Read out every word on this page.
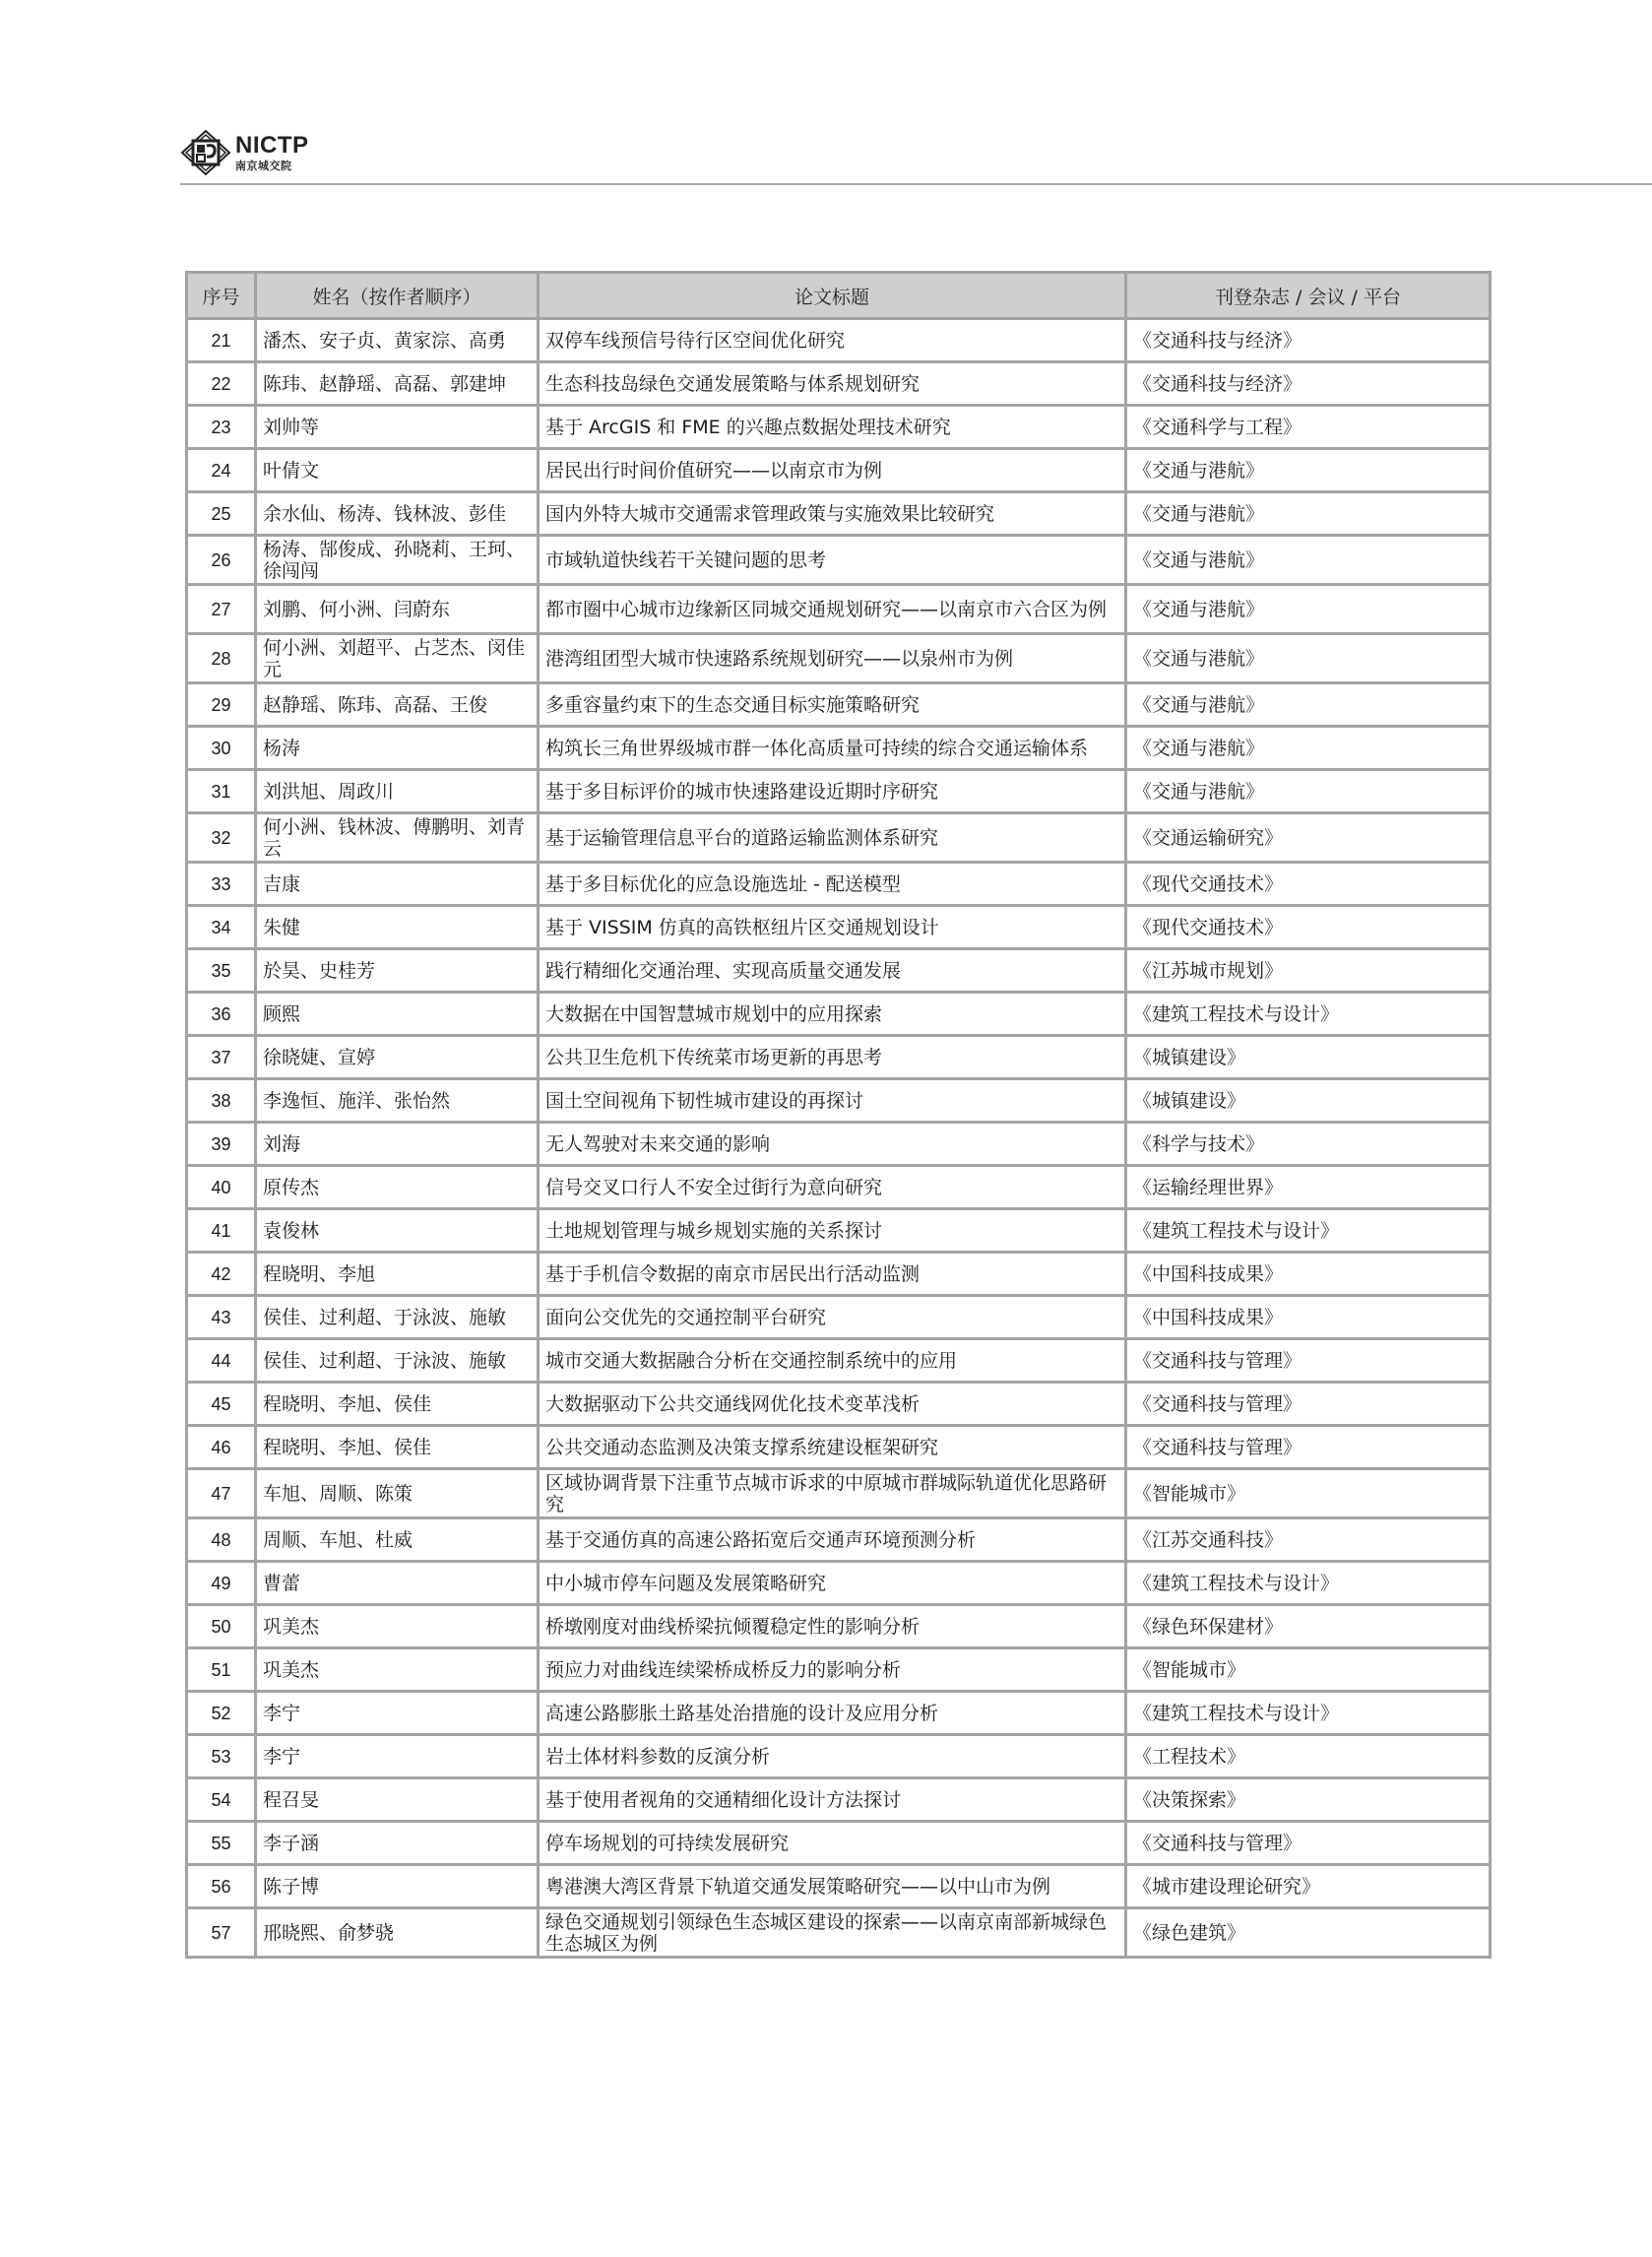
NICTP
南京城交院
序号	姓名（按作者顺序）	论文标题	刊登杂志 / 会议 / 平台
21	潘杰、安子贞、黄家淙、高勇	双停车线预信号待行区空间优化研究	《交通科技与经济》
22	陈玮、赵静瑶、高磊、郭建坤	生态科技岛绿色交通发展策略与体系规划研究	《交通科技与经济》
23	刘帅等	基于 ArcGIS 和 FME 的兴趣点数据处理技术研究	《交通科学与工程》
24	叶倩文	居民出行时间价值研究——以南京市为例	《交通与港航》
25	余水仙、杨涛、钱林波、彭佳	国内外特大城市交通需求管理政策与实施效果比较研究	《交通与港航》
26	杨涛、郜俊成、孙晓莉、王珂、徐闯闯	市域轨道快线若干关键问题的思考	《交通与港航》
27	刘鹏、何小洲、闫蔚东	都市圈中心城市边缘新区同城交通规划研究——以南京市六合区为例	《交通与港航》
28	何小洲、刘超平、占芝杰、闵佳元	港湾组团型大城市快速路系统规划研究——以泉州市为例	《交通与港航》
29	赵静瑶、陈玮、高磊、王俊	多重容量约束下的生态交通目标实施策略研究	《交通与港航》
30	杨涛	构筑长三角世界级城市群一体化高质量可持续的综合交通运输体系	《交通与港航》
31	刘洪旭、周政川	基于多目标评价的城市快速路建设近期时序研究	《交通与港航》
32	何小洲、钱林波、傅鹏明、刘青云	基于运输管理信息平台的道路运输监测体系研究	《交通运输研究》
33	吉康	基于多目标优化的应急设施选址 - 配送模型	《现代交通技术》
34	朱健	基于 VISSIM 仿真的高铁枢纽片区交通规划设计	《现代交通技术》
35	於昊、史桂芳	践行精细化交通治理、实现高质量交通发展	《江苏城市规划》
36	顾熙	大数据在中国智慧城市规划中的应用探索	《建筑工程技术与设计》
37	徐晓婕、宣婷	公共卫生危机下传统菜市场更新的再思考	《城镇建设》
38	李逸恒、施洋、张怡然	国土空间视角下韧性城市建设的再探讨	《城镇建设》
39	刘海	无人驾驶对未来交通的影响	《科学与技术》
40	原传杰	信号交叉口行人不安全过街行为意向研究	《运输经理世界》
41	袁俊林	土地规划管理与城乡规划实施的关系探讨	《建筑工程技术与设计》
42	程晓明、李旭	基于手机信令数据的南京市居民出行活动监测	《中国科技成果》
43	侯佳、过利超、于泳波、施敏	面向公交优先的交通控制平台研究	《中国科技成果》
44	侯佳、过利超、于泳波、施敏	城市交通大数据融合分析在交通控制系统中的应用	《交通科技与管理》
45	程晓明、李旭、侯佳	大数据驱动下公共交通线网优化技术变革浅析	《交通科技与管理》
46	程晓明、李旭、侯佳	公共交通动态监测及决策支撑系统建设框架研究	《交通科技与管理》
47	车旭、周顺、陈策	区域协调背景下注重节点城市诉求的中原城市群城际轨道优化思路研究	《智能城市》
48	周顺、车旭、杜威	基于交通仿真的高速公路拓宽后交通声环境预测分析	《江苏交通科技》
49	曹蕾	中小城市停车问题及发展策略研究	《建筑工程技术与设计》
50	巩美杰	桥墩刚度对曲线桥梁抗倾覆稳定性的影响分析	《绿色环保建材》
51	巩美杰	预应力对曲线连续梁桥成桥反力的影响分析	《智能城市》
52	李宁	高速公路膨胀土路基处治措施的设计及应用分析	《建筑工程技术与设计》
53	李宁	岩土体材料参数的反演分析	《工程技术》
54	程召旻	基于使用者视角的交通精细化设计方法探讨	《决策探索》
55	李子涵	停车场规划的可持续发展研究	《交通科技与管理》
56	陈子博	粤港澳大湾区背景下轨道交通发展策略研究——以中山市为例	《城市建设理论研究》
57	邢晓熙、俞梦骁	绿色交通规划引领绿色生态城区建设的探索——以南京南部新城绿色生态城区为例	《绿色建筑》
